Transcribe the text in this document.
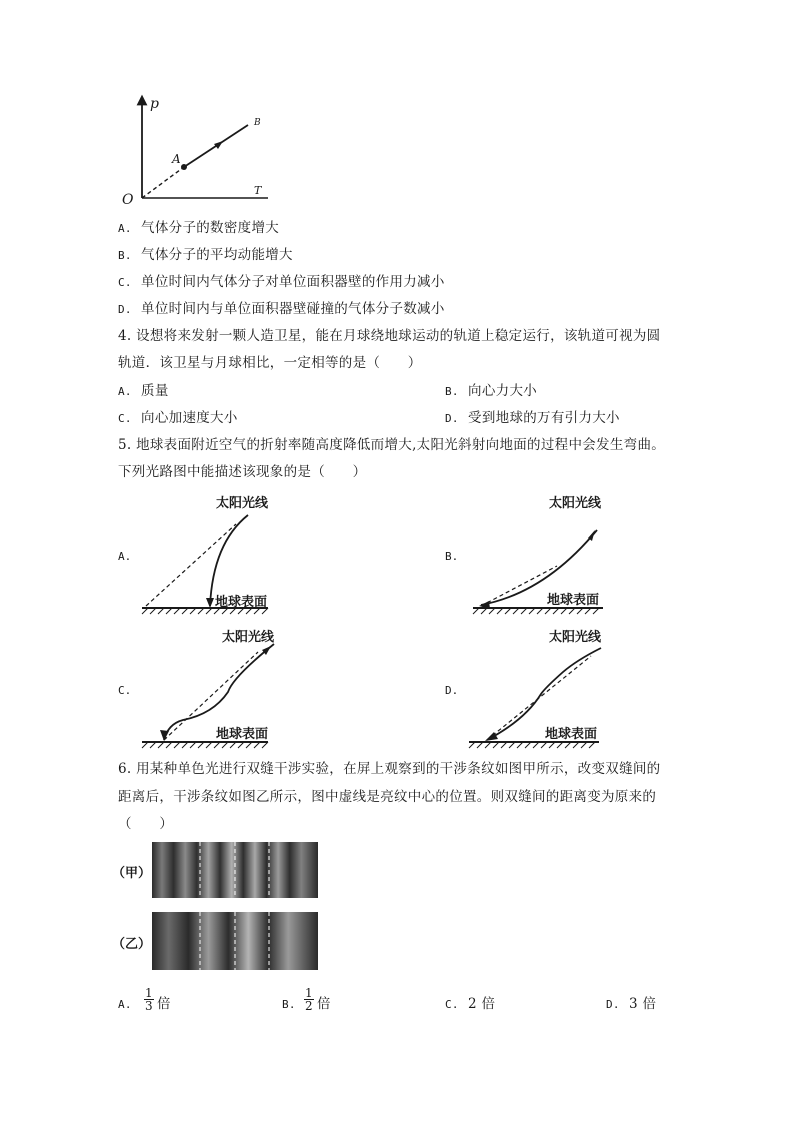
p
T
O
A
B
A. 气体分子的数密度增大
B. 气体分子的平均动能增大
C. 单位时间内气体分子对单位面积器壁的作用力减小
D. 单位时间内与单位面积器壁碰撞的气体分子数减小
4. 设想将来发射一颗人造卫星，能在月球绕地球运动的轨道上稳定运行，该轨道可视为圆
轨道．该卫星与月球相比，一定相等的是（　　）
A. 质量	B. 向心力大小
C. 向心加速度大小	D. 受到地球的万有引力大小
5. 地球表面附近空气的折射率随高度降低而增大,太阳光斜射向地面的过程中会发生弯曲。
下列光路图中能描述该现象的是（　　）
A.
太阳光线
地球表面
B.
太阳光线
地球表面
C.
太阳光线
地球表面
D.
太阳光线
地球表面
6. 用某种单色光进行双缝干涉实验，在屏上观察到的干涉条纹如图甲所示，改变双缝间的
距离后，干涉条纹如图乙所示，图中虚线是亮纹中心的位置。则双缝间的距离变为原来的
（　　）
（甲）
（乙）
A. $\frac{1}{3}$ 倍	B. $\frac{1}{2}$ 倍	C. 2 倍	D. 3 倍
